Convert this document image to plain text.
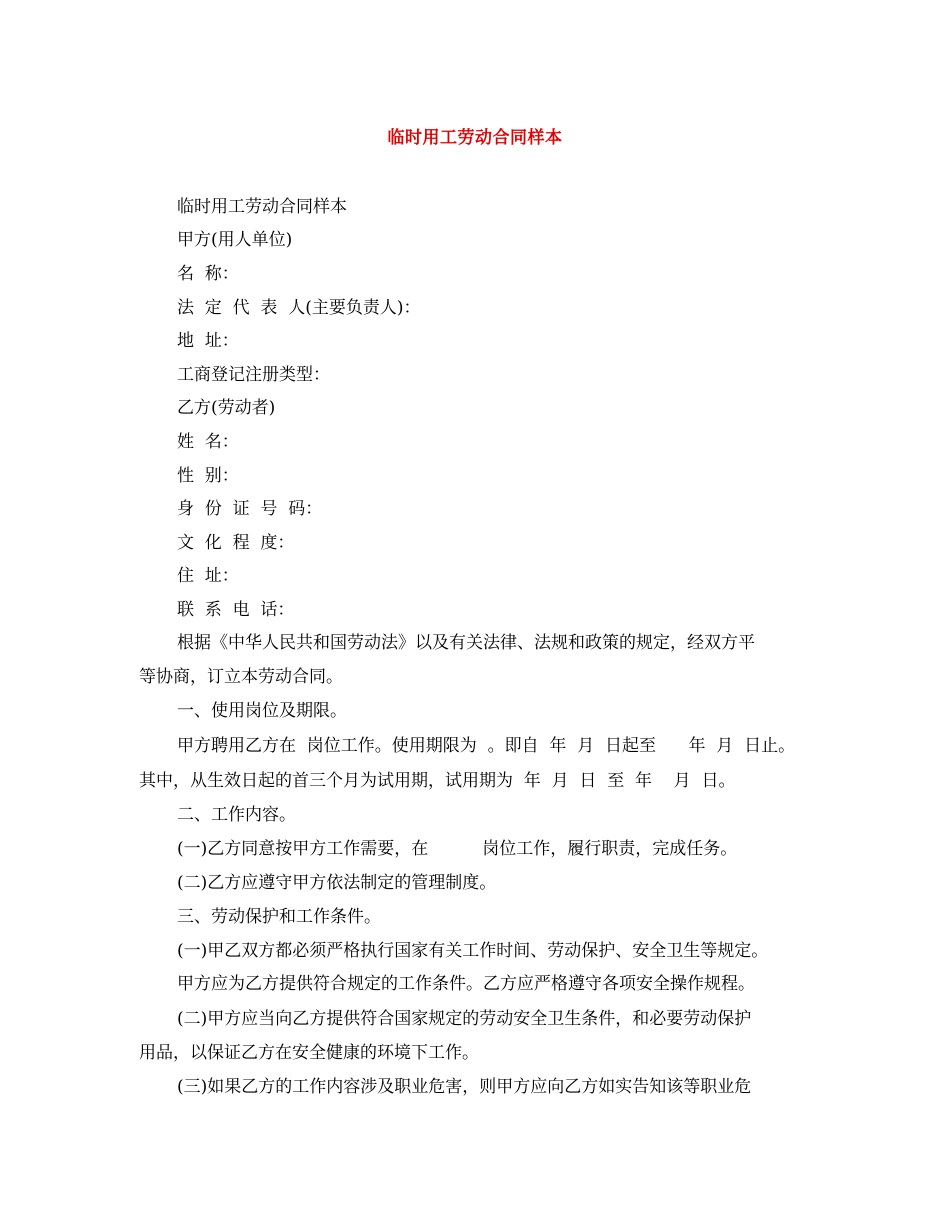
临时用工劳动合同样本
临时用工劳动合同样本
甲方(用人单位)
名  称：
法  定  代  表  人(主要负责人)：
地  址：
工商登记注册类型：
乙方(劳动者)
姓  名：
性  别：
身  份  证  号  码：
文  化  程  度：
住  址：
联  系  电  话：
根据《中华人民共和国劳动法》以及有关法律、法规和政策的规定，经双方平
等协商，订立本劳动合同。
一、使用岗位及期限。
甲方聘用乙方在  岗位工作。使用期限为  。即自  年  月  日起至      年  月  日止。
其中，从生效日起的首三个月为试用期，试用期为  年  月  日  至  年    月  日。
二、工作内容。
(一)乙方同意按甲方工作需要，在          岗位工作，履行职责，完成任务。
(二)乙方应遵守甲方依法制定的管理制度。
三、劳动保护和工作条件。
(一)甲乙双方都必须严格执行国家有关工作时间、劳动保护、安全卫生等规定。
甲方应为乙方提供符合规定的工作条件。乙方应严格遵守各项安全操作规程。
(二)甲方应当向乙方提供符合国家规定的劳动安全卫生条件，和必要劳动保护
用品，以保证乙方在安全健康的环境下工作。
(三)如果乙方的工作内容涉及职业危害，则甲方应向乙方如实告知该等职业危
